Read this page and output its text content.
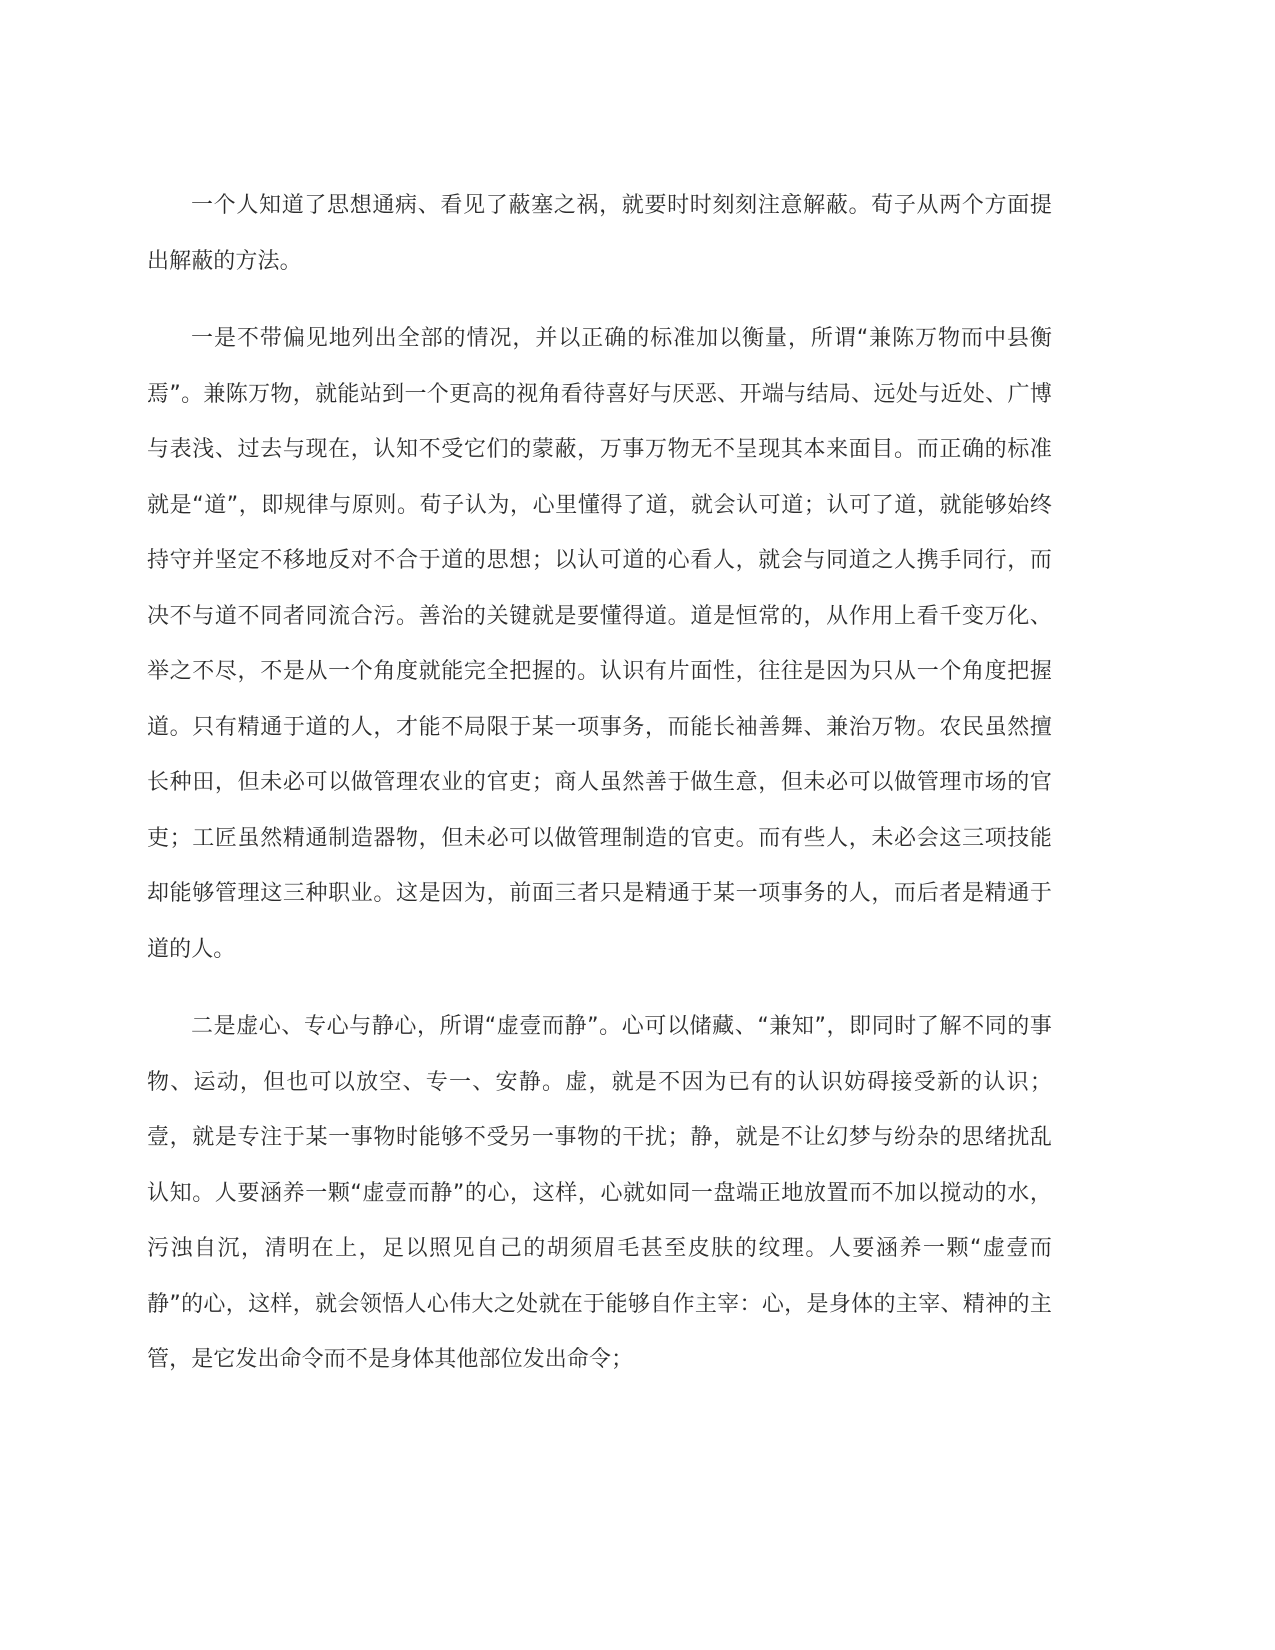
一个人知道了思想通病、看见了蔽塞之祸，就要时时刻刻注意解蔽。荀子从两个方面提出解蔽的方法。

一是不带偏见地列出全部的情况，并以正确的标准加以衡量，所谓“兼陈万物而中县衡焉”。兼陈万物，就能站到一个更高的视角看待喜好与厌恶、开端与结局、远处与近处、广博与表浅、过去与现在，认知不受它们的蒙蔽，万事万物无不呈现其本来面目。而正确的标准就是“道”，即规律与原则。荀子认为，心里懂得了道，就会认可道；认可了道，就能够始终持守并坚定不移地反对不合于道的思想；以认可道的心看人，就会与同道之人携手同行，而决不与道不同者同流合污。善治的关键就是要懂得道。道是恒常的，从作用上看千变万化、举之不尽，不是从一个角度就能完全把握的。认识有片面性，往往是因为只从一个角度把握道。只有精通于道的人，才能不局限于某一项事务，而能长袖善舞、兼治万物。农民虽然擅长种田，但未必可以做管理农业的官吏；商人虽然善于做生意，但未必可以做管理市场的官吏；工匠虽然精通制造器物，但未必可以做管理制造的官吏。而有些人，未必会这三项技能却能够管理这三种职业。这是因为，前面三者只是精通于某一项事务的人，而后者是精通于道的人。

二是虚心、专心与静心，所谓“虚壹而静”。心可以储藏、“兼知”，即同时了解不同的事物、运动，但也可以放空、专一、安静。虚，就是不因为已有的认识妨碍接受新的认识；壹，就是专注于某一事物时能够不受另一事物的干扰；静，就是不让幻梦与纷杂的思绪扰乱认知。人要涵养一颗“虚壹而静”的心，这样，心就如同一盘端正地放置而不加以搅动的水，污浊自沉，清明在上，足以照见自己的胡须眉毛甚至皮肤的纹理。人要涵养一颗“虚壹而静”的心，这样，就会领悟人心伟大之处就在于能够自作主宰：心，是身体的主宰、精神的主管，是它发出命令而不是身体其他部位发出命令；
